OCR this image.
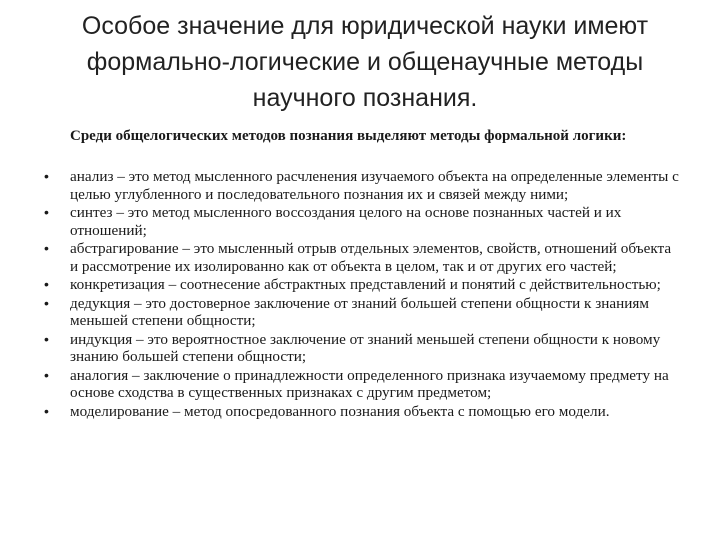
Особое значение для юридической науки имеют формально-логические и общенаучные методы научного познания.
Среди общелогических методов познания выделяют методы формальной логики:
• анализ – это метод мысленного расчленения изучаемого объекта на определенные элементы с целью углубленного и последовательного познания их и связей между ними;
• синтез – это метод мысленного воссоздания целого на основе познанных частей и их отношений;
• абстрагирование – это мысленный отрыв отдельных элементов, свойств, отношений объекта и рассмотрение их изолированно как от объекта в целом, так и от других его частей;
• конкретизация – соотнесение абстрактных представлений и понятий с действительностью;
• дедукция – это достоверное заключение от знаний большей степени общности к знаниям меньшей степени общности;
• индукция – это вероятностное заключение от знаний меньшей степени общности к новому знанию большей степени общности;
• аналогия – заключение о принадлежности определенного признака изучаемому предмету на основе сходства в существенных признаках с другим предметом;
• моделирование – метод опосредованного познания объекта с помощью его модели.
